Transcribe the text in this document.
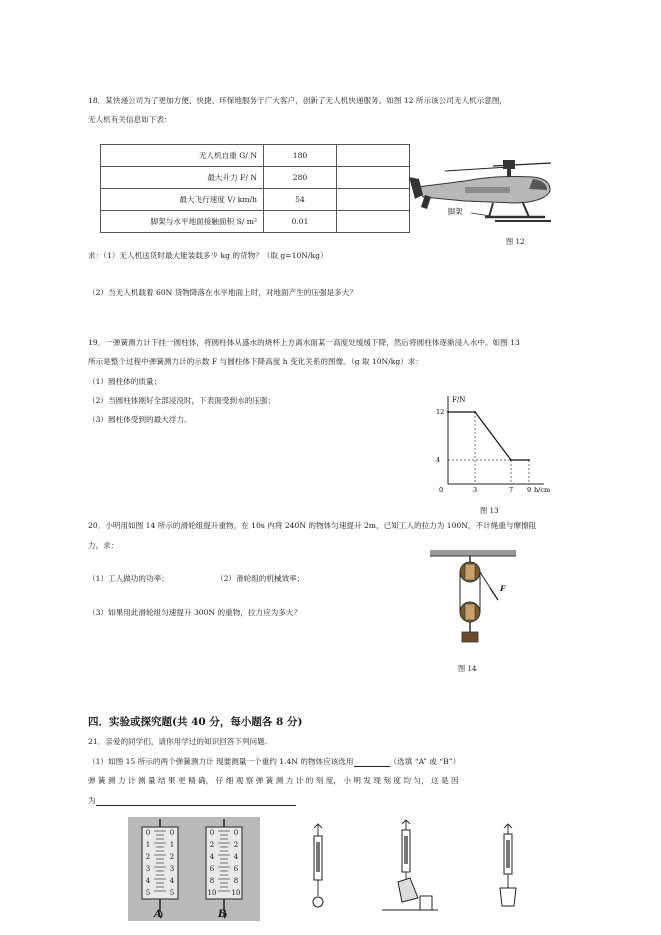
18．某快递公司为了更加方便、快捷、环保地服务于广大客户，创新了无人机快递服务。如图 12 所示该公司无人机示意图，
无人机有关信息如下表：
无人机自重 G/ N	180	
最大升力 F/ N	280	
最大飞行速度 V/ km/h	54	
脚架与水平地面接触面积 S/ m²	0.01	
脚架
图 12
求：（1）无人机送货时最大能装载多少 kg 的货物？（取 g=10N/kg）
（2）当无人机载着 60N 货物降落在水平地面上时，对地面产生的压强是多大？
19．一弹簧测力计下挂一圆柱体，将圆柱体从盛水的烧杯上方离水面某一高度处缓缓下降，然后将圆柱体逐渐浸入水中。如图 13
所示是整个过程中弹簧测力计的示数 F 与圆柱体下降高度 h 变化关系的图像。（g 取 10N/kg）求：
（1）圆柱体的质量；
（2）当圆柱体刚好全部浸没时，下表面受到水的压强；
（3）圆柱体受到的最大浮力。
F/N
h/cm
0	3	7 9
4
12
图 13
20．小明用如图 14 所示的滑轮组提升重物，在 10s 内将 240N 的物体匀速提升 2m，已知工人的拉力为 100N，不计绳重与摩擦阻
力，求：
（1）工人做功的功率；	（2）滑轮组的机械效率；
（3）如果用此滑轮组匀速提升 300N 的重物，拉力应为多大？
F
图 14
四．实验或探究题(共 40 分，每小题各 8 分)
21．亲爱的同学们，请你用学过的知识回答下列问题.
（1）如图 15 所示的两个弹簧测力计 现要测量一个重约 1.4N 的物体应该选用	（选填 “A” 或 “B”）
弹 簧 测 力 计 测 量 结 果 更 精 确， 仔 细 观 察 弹 簧 测 力 计 的 刻 度， 小 明 发 现 刻 度 均 匀， 这 是 因
为
0
1
2
3
4
5
0
1
2
3
4
5
0
2
4
6
8
10
0
2
4
6
8
10
A	B
